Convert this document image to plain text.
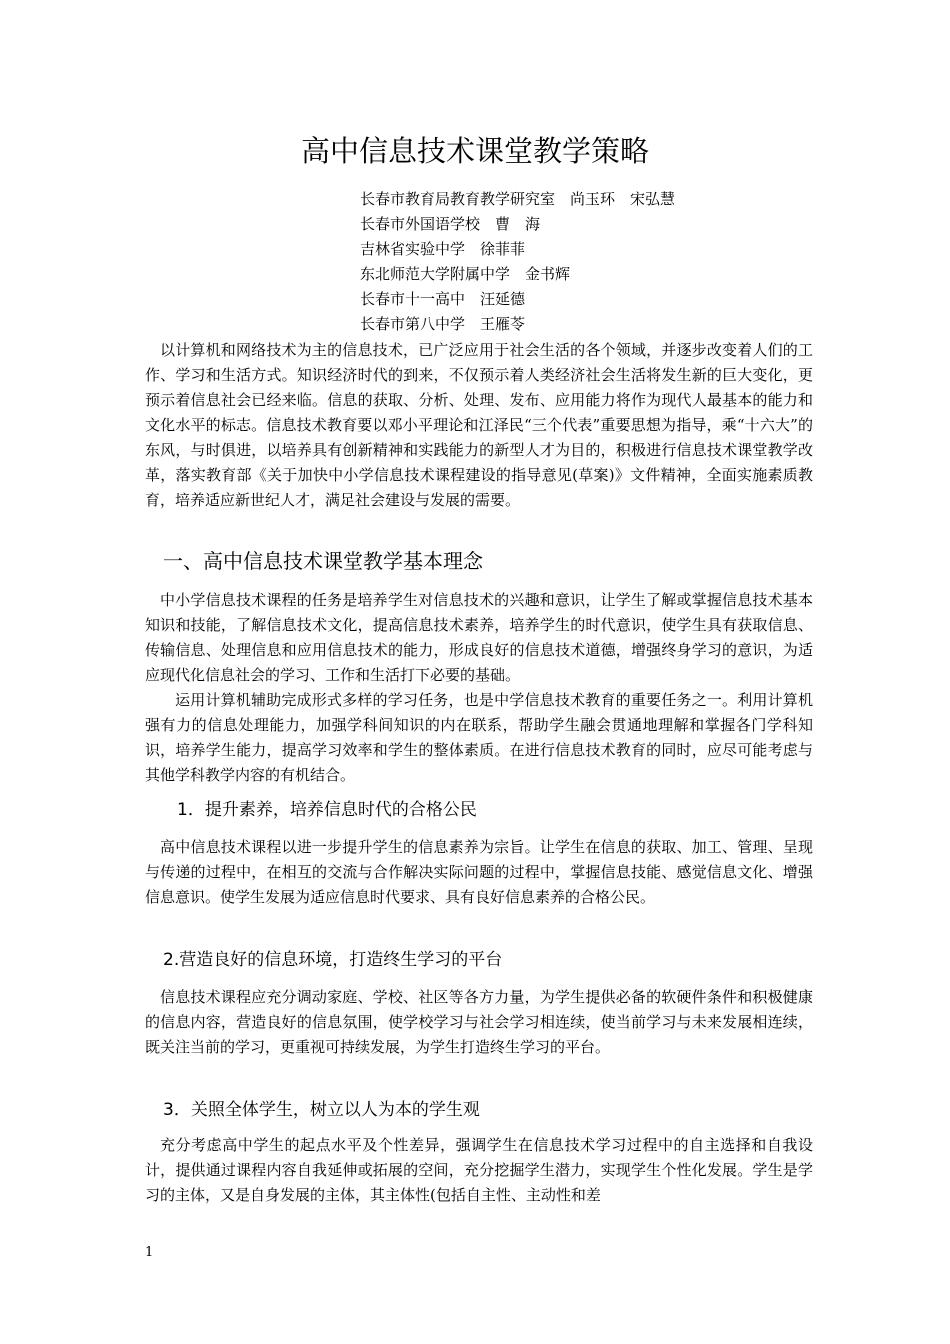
高中信息技术课堂教学策略
长春市教育局教育教学研究室　尚玉环　宋弘慧
长春市外国语学校　曹　海
吉林省实验中学　徐菲菲
东北师范大学附属中学　金书辉
长春市十一高中　汪延德
长春市第八中学　王雁苓

以计算机和网络技术为主的信息技术，已广泛应用于社会生活的各个领域，并逐步改变着人们的工作、学习和生活方式。知识经济时代的到来，不仅预示着人类经济社会生活将发生新的巨大变化，更预示着信息社会已经来临。信息的获取、分析、处理、发布、应用能力将作为现代人最基本的能力和文化水平的标志。信息技术教育要以邓小平理论和江泽民“三个代表”重要思想为指导，乘“十六大”的东风，与时俱进，以培养具有创新精神和实践能力的新型人才为目的，积极进行信息技术课堂教学改革，落实教育部《关于加快中小学信息技术课程建设的指导意见(草案)》文件精神，全面实施素质教育，培养适应新世纪人才，满足社会建设与发展的需要。

一、高中信息技术课堂教学基本理念

中小学信息技术课程的任务是培养学生对信息技术的兴趣和意识，让学生了解或掌握信息技术基本知识和技能，了解信息技术文化，提高信息技术素养，培养学生的时代意识，使学生具有获取信息、传输信息、处理信息和应用信息技术的能力，形成良好的信息技术道德，增强终身学习的意识，为适应现代化信息社会的学习、工作和生活打下必要的基础。

运用计算机辅助完成形式多样的学习任务，也是中学信息技术教育的重要任务之一。利用计算机强有力的信息处理能力，加强学科间知识的内在联系，帮助学生融会贯通地理解和掌握各门学科知识，培养学生能力，提高学习效率和学生的整体素质。在进行信息技术教育的同时，应尽可能考虑与其他学科教学内容的有机结合。

1．提升素养，培养信息时代的合格公民

高中信息技术课程以进一步提升学生的信息素养为宗旨。让学生在信息的获取、加工、管理、呈现与传递的过程中，在相互的交流与合作解决实际问题的过程中，掌握信息技能、感觉信息文化、增强信息意识。使学生发展为适应信息时代要求、具有良好信息素养的合格公民。

2.营造良好的信息环境，打造终生学习的平台

信息技术课程应充分调动家庭、学校、社区等各方力量，为学生提供必备的软硬件条件和积极健康的信息内容，营造良好的信息氛围，使学校学习与社会学习相连续，使当前学习与未来发展相连续，既关注当前的学习，更重视可持续发展，为学生打造终生学习的平台。

3．关照全体学生，树立以人为本的学生观

充分考虑高中学生的起点水平及个性差异，强调学生在信息技术学习过程中的自主选择和自我设计，提供通过课程内容自我延伸或拓展的空间，充分挖掘学生潜力，实现学生个性化发展。学生是学习的主体，又是自身发展的主体，其主体性(包括自主性、主动性和差

1
